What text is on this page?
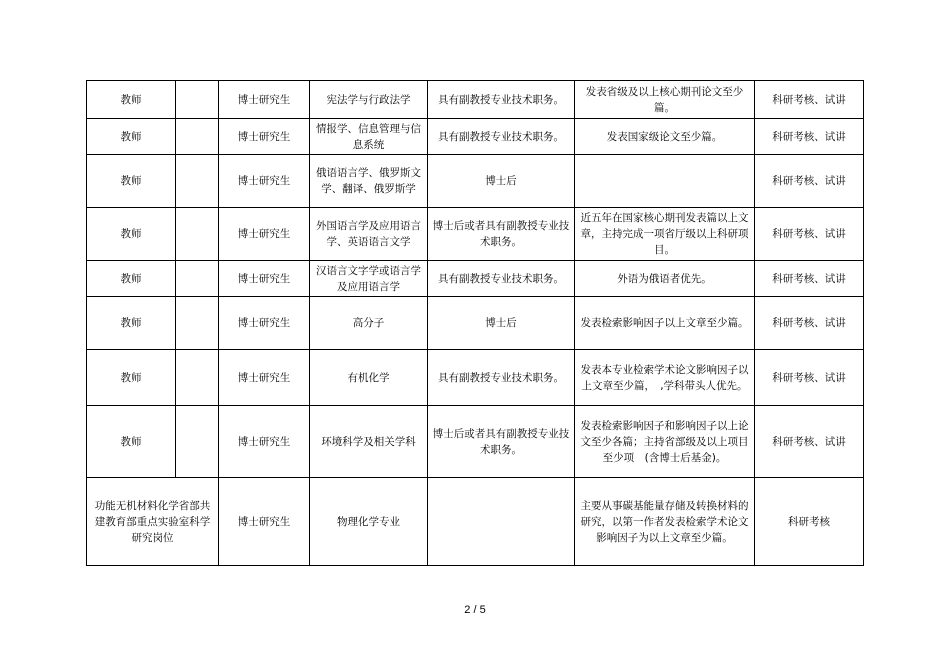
教师		博士研究生	宪法学与行政法学	具有副教授专业技术职务。	发表省级及以上核心期刊论文至少篇。	科研考核、试讲
教师		博士研究生	情报学、信息管理与信息系统	具有副教授专业技术职务。	发表国家级论文至少篇。	科研考核、试讲
教师		博士研究生	俄语语言学、俄罗斯文学、翻译、俄罗斯学	博士后		科研考核、试讲
教师		博士研究生	外国语言学及应用语言学、英语语言文学	博士后或者具有副教授专业技术职务。	近五年在国家核心期刊发表篇以上文章，主持完成一项省厅级以上科研项目。	科研考核、试讲
教师		博士研究生	汉语言文字学或语言学及应用语言学	具有副教授专业技术职务。	外语为俄语者优先。	科研考核、试讲
教师		博士研究生	高分子	博士后	发表检索影响因子以上文章至少篇。	科研考核、试讲
教师		博士研究生	有机化学	具有副教授专业技术职务。	发表本专业检索学术论文影响因子以上文章至少篇，　,学科带头人优先。	科研考核、试讲
教师		博士研究生	环境科学及相关学科	博士后或者具有副教授专业技术职务。	发表检索影响因子和影响因子以上论文至少各篇；主持省部级及以上项目至少项　(含博士后基金)。	科研考核、试讲
功能无机材料化学省部共建教育部重点实验室科学研究岗位		博士研究生	物理化学专业		主要从事碳基能量存储及转换材料的研究，以第一作者发表检索学术论文影响因子为以上文章至少篇。	科研考核
2 / 5
